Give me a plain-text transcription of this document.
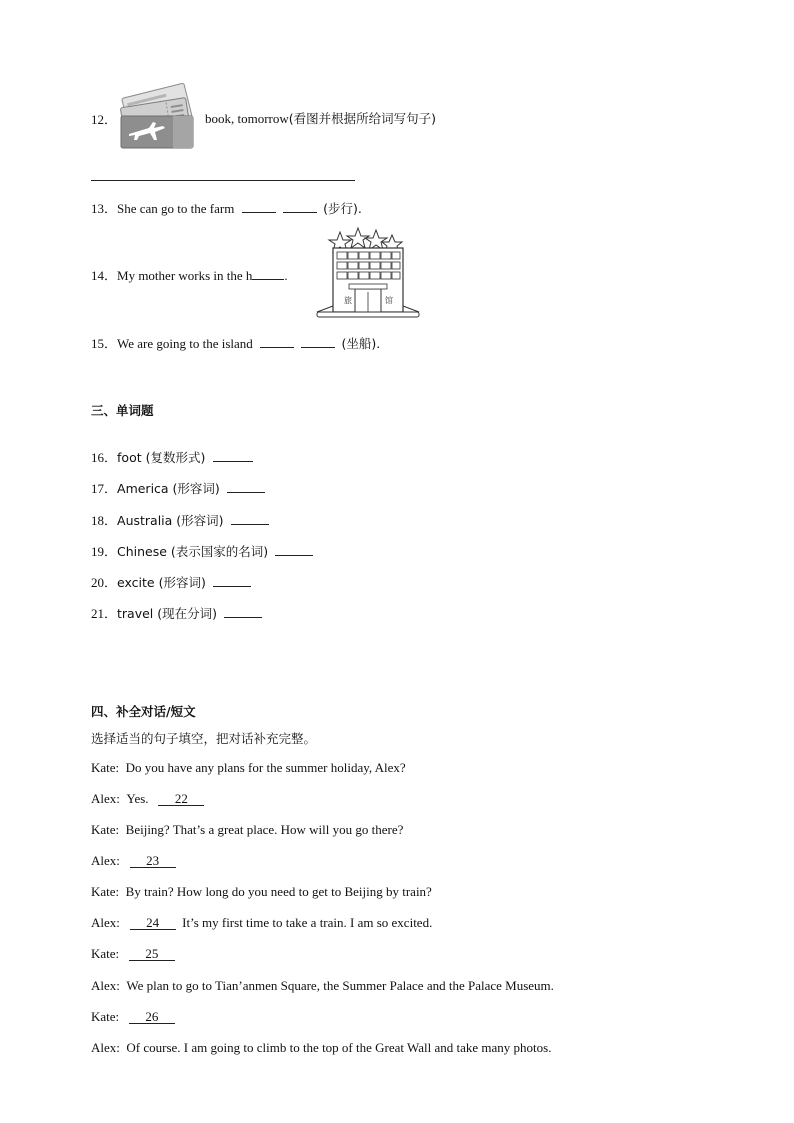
12．	book, tomorrow(看图并根据所给词写句子)
13．She can go to the farm	(步行).
14．My mother works in the h .
旅	馆
15．We are going to the island	(坐船).
三、单词题
16．foot (复数形式)
17．America (形容词)
18．Australia (形容词)
19．Chinese (表示国家的名词)
20．excite (形容词)
21．travel (现在分词)
四、补全对话/短文
选择适当的句子填空，把对话补充完整。
Kate: Do you have any plans for the summer holiday, Alex?
Alex: Yes. 22
Kate: Beijing? That’s a great place. How will you go there?
Alex: 23
Kate: By train? How long do you need to get to Beijing by train?
Alex: 24 It’s my first time to take a train. I am so excited.
Kate: 25
Alex: We plan to go to Tian’anmen Square, the Summer Palace and the Palace Museum.
Kate: 26
Alex: Of course. I am going to climb to the top of the Great Wall and take many photos.
